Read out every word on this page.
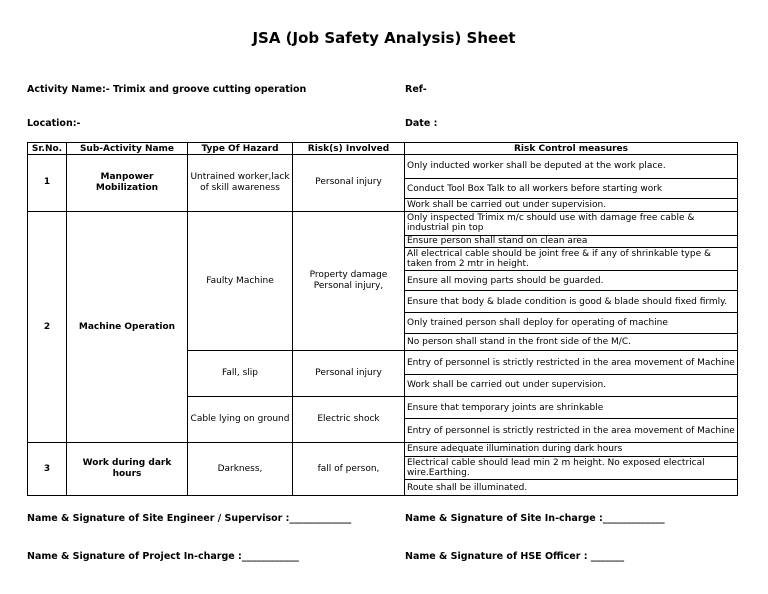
JSA (Job Safety Analysis) Sheet
Activity Name:- Trimix and groove cutting operation	Ref-
Location:-	Date :
Sr.No.	Sub-Activity Name	Type Of Hazard	Risk(s) Involved	Risk Control measures
1	Manpower Mobilization	Untrained worker,lack of skill awareness	Personal injury	Only inducted worker shall be deputed at the work place.
				Conduct Tool Box Talk to all workers before starting work
				Work shall be carried out under supervision.
2	Machine Operation	Faulty Machine	Property damage Personal injury,	Only inspected Trimix m/c should use with damage free cable & industrial pin top
				Ensure person shall stand on clean area
				All electrical cable should be joint free & if any of shrinkable type & taken from 2 mtr in height.
				Ensure all moving parts should be guarded.
				Ensure that body & blade condition is good & blade should fixed firmly.
				Only trained person shall deploy for operating of machine
				No person shall stand in the front side of the M/C.
		Fall, slip	Personal injury	Entry of personnel is strictly restricted in the area movement of Machine
				Work shall be carried out under supervision.
		Cable lying on ground	Electric shock	Ensure that temporary joints are shrinkable
				Entry of personnel is strictly restricted in the area movement of Machine
3	Work during dark hours	Darkness,	fall of person,	Ensure adequate illumination during dark hours
				Electrical cable should lead min 2 m height. No exposed electrical wire.Earthing.
				Route shall be illuminated.
Name & Signature of Site Engineer / Supervisor :_____________	Name & Signature of Site In-charge :_____________
Name & Signature of Project In-charge :____________	Name & Signature of HSE Officer : _______
